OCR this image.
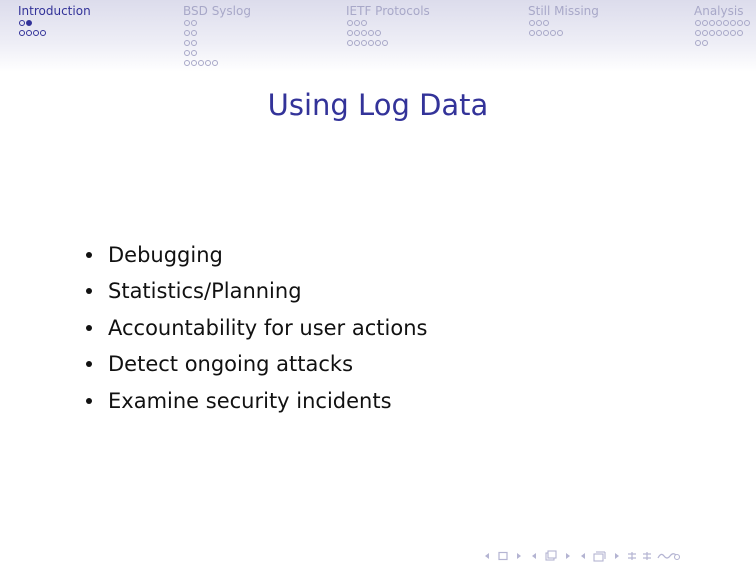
Introduction	BSD Syslog	IETF Protocols	Still Missing	Analysis
Using Log Data
Debugging
Statistics/Planning
Accountability for user actions
Detect ongoing attacks
Examine security incidents
